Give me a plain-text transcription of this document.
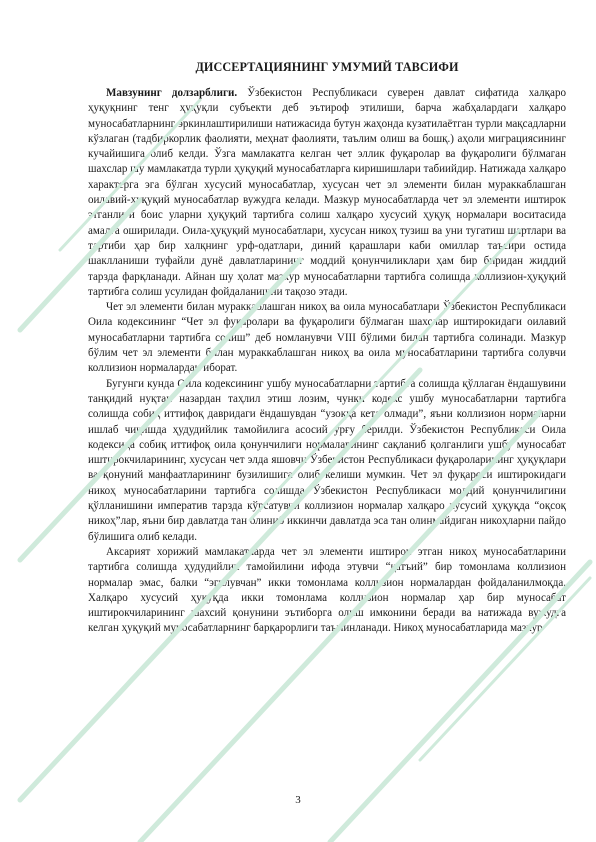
ДИССЕРТАЦИЯНИНГ УМУМИЙ ТАВСИФИ

Мавзунинг долзарблиги. Ўзбекистон Республикаси суверен давлат сифатида халқаро ҳуқуқнинг тенг ҳуқуқли субъекти деб эътироф этилиши, барча жабҳалардаги халқаро муносабатларнинг эркинлаштирилиши натижасида бутун жаҳонда кузатилаётган турли мақсадларни кўзлаган (тадбиркорлик фаолияти, меҳнат фаолияти, таълим олиш ва бошқ.) аҳоли миграциясининг кучайишига олиб келди. Ўзга мамлакатга келган чет эллик фуқаролар ва фуқаролиги бўлмаган шахслар шу мамлакатда турли ҳуқуқий муносабатларга киришишлари табиийдир. Натижада халқаро характерга эга бўлган хусусий муносабатлар, хусусан чет эл элементи билан мураккаблашган оилавий-ҳуқуқий муносабатлар вужудга келади. Мазкур муносабатларда чет эл элементи иштирок этганлиги боис уларни ҳуқуқий тартибга солиш халқаро хусусий ҳуқуқ нормалари воситасида амалга оширилади. Оила-ҳуқуқий муносабатлари, хусусан никоҳ тузиш ва уни тугатиш шартлари ва тартиби ҳар бир халқнинг урф-одатлари, диний қарашлари каби омиллар таъсири остида шаклланиши туфайли дунё давлатларининг моддий қонунчиликлари ҳам бир биридан жиддий тарзда фарқланади. Айнан шу ҳолат мазкур муносабатларни тартибга солишда коллизион-ҳуқуқий тартибга солиш усулидан фойдаланишни тақозо этади.

Чет эл элементи билан мураккаблашган никоҳ ва оила муносабатлари Ўзбекистон Республикаси Оила кодексининг “Чет эл фуқаролари ва фуқаролиги бўлмаган шахслар иштирокидаги оилавий муносабатларни тартибга солиш” деб номланувчи VIII бўлими билан тартибга солинади. Мазкур бўлим чет эл элементи билан мураккаблашган никоҳ ва оила муносабатларини тартибга солувчи коллизион нормалардан иборат.

Бугунги кунда Оила кодексининг ушбу муносабатларни тартибга солишда қўллаган ёндашувини танқидий нуқтаи назардан таҳлил этиш лозим, чунки кодекс ушбу муносабатларни тартибга солишда собиқ иттифоқ давридаги ёндашувдан “узоққа кета олмади”, яъни коллизион нормаларни ишлаб чиқишда ҳудудийлик тамойилига асосий урғу берилди. Ўзбекистон Республикаси Оила кодексида собиқ иттифоқ оила қонунчилиги нормаларининг сақланиб қолганлиги ушбу муносабат иштирокчиларининг, хусусан чет элда яшовчи Ўзбекистон Республикаси фуқароларининг ҳуқуқлари ва қонуний манфаатларининг бузилишига олиб келиши мумкин. Чет эл фуқароси иштирокидаги никоҳ муносабатларини тартибга солишда Ўзбекистон Республикаси моддий қонунчилигини қўлланишини императив тарзда кўрсатувчи коллизион нормалар халқаро хусусий ҳуқуқда “оқсоқ никоҳ”лар, яъни бир давлатда тан олиниб иккинчи давлатда эса тан олинмайдиган никоҳларни пайдо бўлишига олиб келади.

Аксарият хорижий мамлакатларда чет эл элементи иштирок этган никоҳ муносабатларини тартибга солишда ҳудудийлик тамойилини ифода этувчи “қатъий” бир томонлама коллизион нормалар эмас, балки “эгилувчан” икки томонлама коллизион нормалардан фойдаланилмоқда. Халқаро хусусий ҳуқуқда икки томонлама коллизион нормалар ҳар бир муносабат иштирокчиларининг шахсий қонунини эътиборга олиш имконини беради ва натижада вужудга келган ҳуқуқий муносабатларнинг барқарорлиги таъминланади. Никоҳ муносабатларида мазкур

3
